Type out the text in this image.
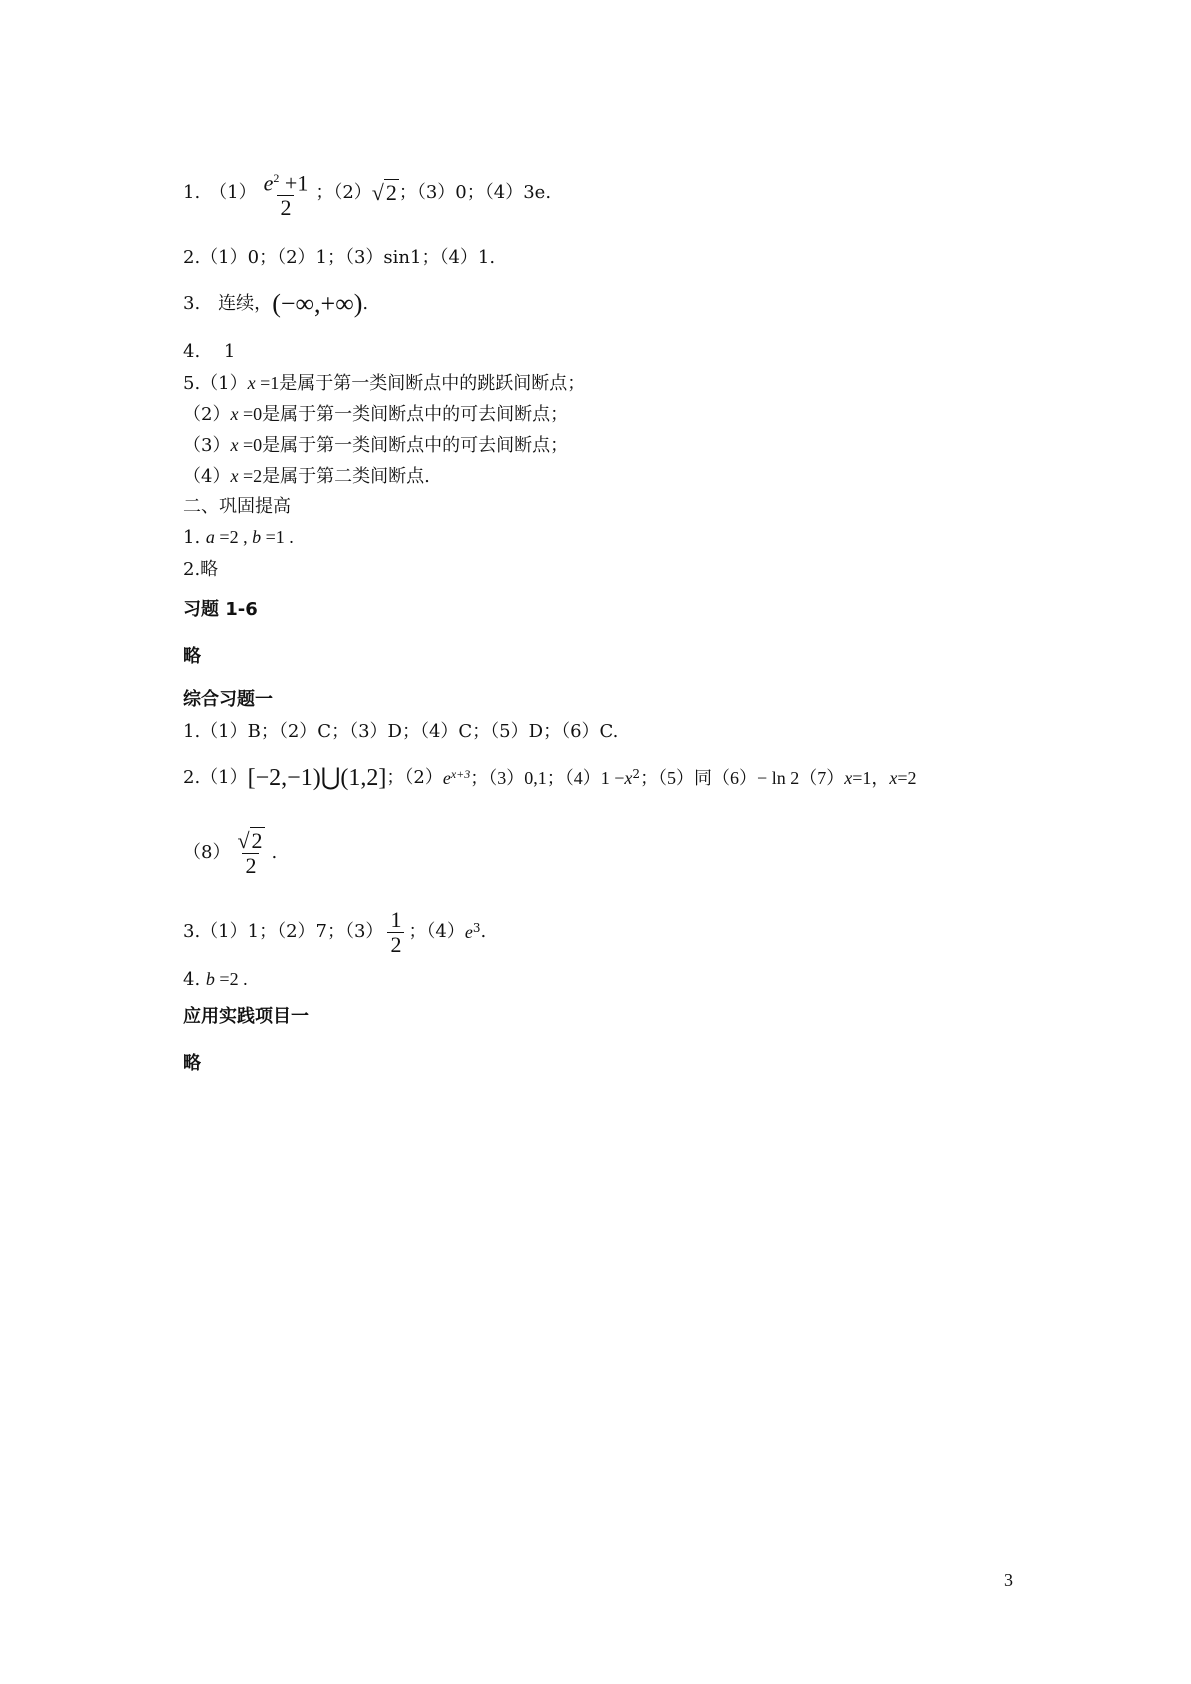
1.　$(1) \frac{e^2 +1}{2}$ ；（2） √2 ；（3）0；（4）3e.
2.（1）0；（2）1；（3）sin1；（4）1.
3.　连续， (−∞,+∞) .
4.　 1
5.（1）x =1是属于第一类间断点中的跳跃间断点；
（2）x =0是属于第一类间断点中的可去间断点；
（3）x =0是属于第一类间断点中的可去间断点；
（4）x =2是属于第二类间断点.
二、巩固提高
1. a =2 , b =1 .
2.略
习题 1-6
略
综合习题一
1.（1）B；（2）C；（3）D；（4）C；（5）D；（6）C.
2.（1） [−2,−1)⋃(1,2] ；（2） $e^{x+3}$ ；（3）0,1；$(4)1 - x^2$ ；（5）同（6）− ln 2（7） x =1， x =2
$(8) \frac{√2}{2}$ .
3.（1）1；（2）7；$(3) \frac{1}{2}$ ；（4） $e^3$ .
4. b =2 .
应用实践项目一
略
3
